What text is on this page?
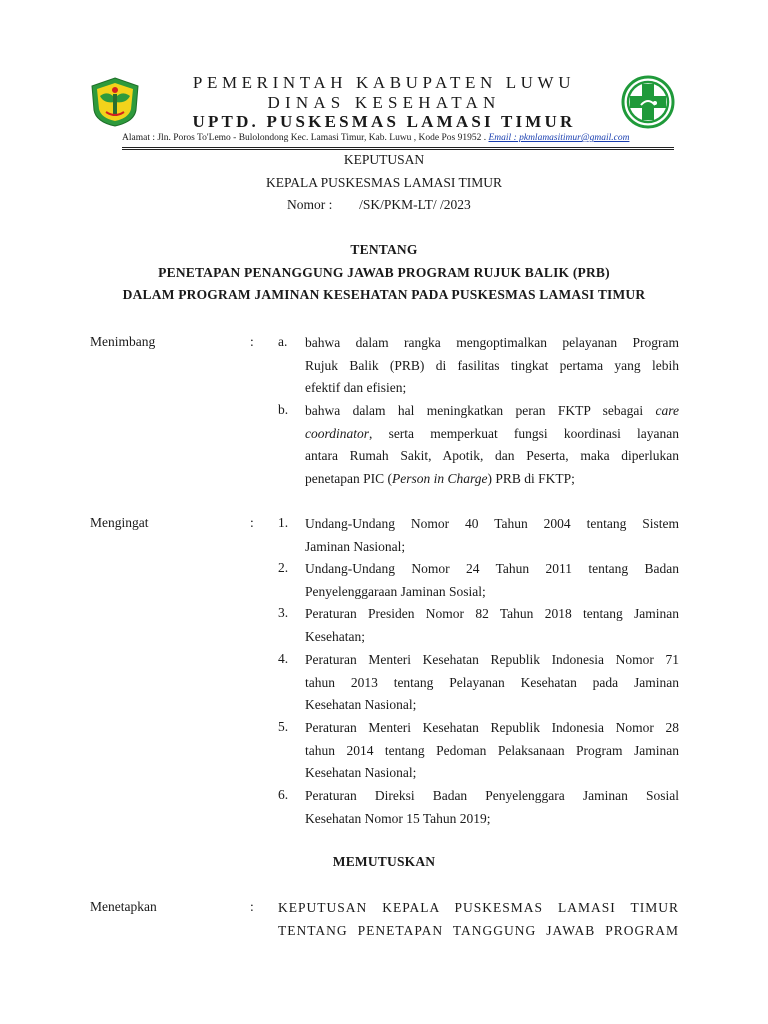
PEMERINTAH KABUPATEN LUWU
DINAS KESEHATAN
UPTD. PUSKESMAS LAMASI TIMUR
Alamat : Jln. Poros To'Lemo - Bulolondong Kec. Lamasi Timur, Kab. Luwu , Kode Pos 91952 . Email : pkmlamasitimur@gmail.com
KEPUTUSAN
KEPALA PUSKESMAS LAMASI TIMUR
Nomor : /SK/PKM-LT/ /2023
TENTANG
PENETAPAN PENANGGUNG JAWAB PROGRAM RUJUK BALIK (PRB)
DALAM PROGRAM JAMINAN KESEHATAN PADA PUSKESMAS LAMASI TIMUR
Menimbang	: a. bahwa dalam rangka mengoptimalkan pelayanan Program
Rujuk Balik (PRB) di fasilitas tingkat pertama yang lebih
efektif dan efisien;
b. bahwa dalam hal meningkatkan peran FKTP sebagai care
coordinator, serta memperkuat fungsi koordinasi layanan
antara Rumah Sakit, Apotik, dan Peserta, maka diperlukan
penetapan PIC (Person in Charge) PRB di FKTP;
Mengingat	: 1. Undang-Undang Nomor 40 Tahun 2004 tentang Sistem
Jaminan Nasional;
2. Undang-Undang Nomor 24 Tahun 2011 tentang Badan
Penyelenggaraan Jaminan Sosial;
3. Peraturan Presiden Nomor 82 Tahun 2018 tentang Jaminan
Kesehatan;
4. Peraturan Menteri Kesehatan Republik Indonesia Nomor 71
tahun 2013 tentang Pelayanan Kesehatan pada Jaminan
Kesehatan Nasional;
5. Peraturan Menteri Kesehatan Republik Indonesia Nomor 28
tahun 2014 tentang Pedoman Pelaksanaan Program Jaminan
Kesehatan Nasional;
6. Peraturan Direksi Badan Penyelenggara Jaminan Sosial
Kesehatan Nomor 15 Tahun 2019;
MEMUTUSKAN
Menetapkan	: KEPUTUSAN KEPALA PUSKESMAS LAMASI TIMUR
TENTANG PENETAPAN TANGGUNG JAWAB PROGRAM
